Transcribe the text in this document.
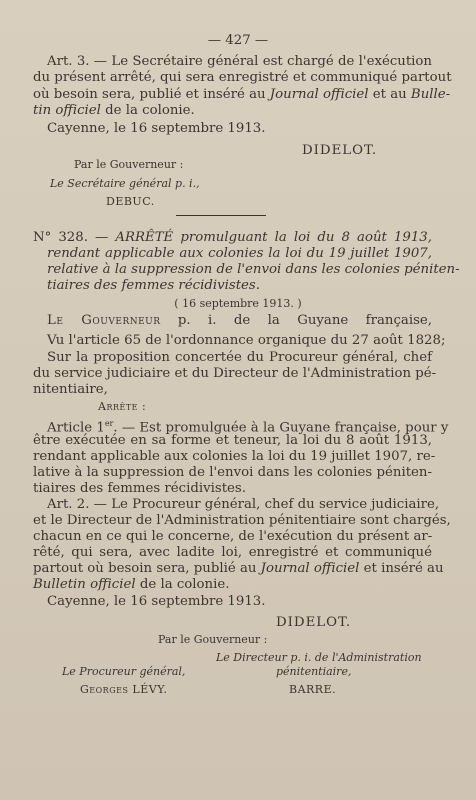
— 427 —
Art. 3. — Le Secrétaire général est chargé de l'exécution
du présent arrêté, qui sera enregistré et communiqué partout
où besoin sera, publié et inséré au Journal officiel et au Bulle-
tin officiel de la colonie.
Cayenne, le 16 septembre 1913.
DIDELOT.
Par le Gouverneur :
Le Secrétaire général p. i.,
DEBUC.
N° 328. — ARRÊTÉ promulguant la loi du 8 août 1913,
rendant applicable aux colonies la loi du 19 juillet 1907,
relative à la suppression de l'envoi dans les colonies péniten-
tiaires des femmes récidivistes.
( 16 septembre 1913. )
Le Gouverneur p. i. de la Guyane française,
Vu l'article 65 de l'ordonnance organique du 27 août 1828;
Sur la proposition concertée du Procureur général, chef
du service judiciaire et du Directeur de l'Administration pé-
nitentiaire,
Arrête :
Article 1er. — Est promulguée à la Guyane française, pour y
être exécutée en sa forme et teneur, la loi du 8 août 1913,
rendant applicable aux colonies la loi du 19 juillet 1907, re-
lative à la suppression de l'envoi dans les colonies péniten-
tiaires des femmes récidivistes.
Art. 2. — Le Procureur général, chef du service judiciaire,
et le Directeur de l'Administration pénitentiaire sont chargés,
chacun en ce qui le concerne, de l'exécution du présent ar-
rêté, qui sera, avec ladite loi, enregistré et communiqué
partout où besoin sera, publié au Journal officiel et inséré au
Bulletin officiel de la colonie.
Cayenne, le 16 septembre 1913.
DIDELOT.
Par le Gouverneur :
Le Directeur p. i. de l'Administration
pénitentiaire,
Le Procureur général,
Georges LÉVY.	BARRE.
